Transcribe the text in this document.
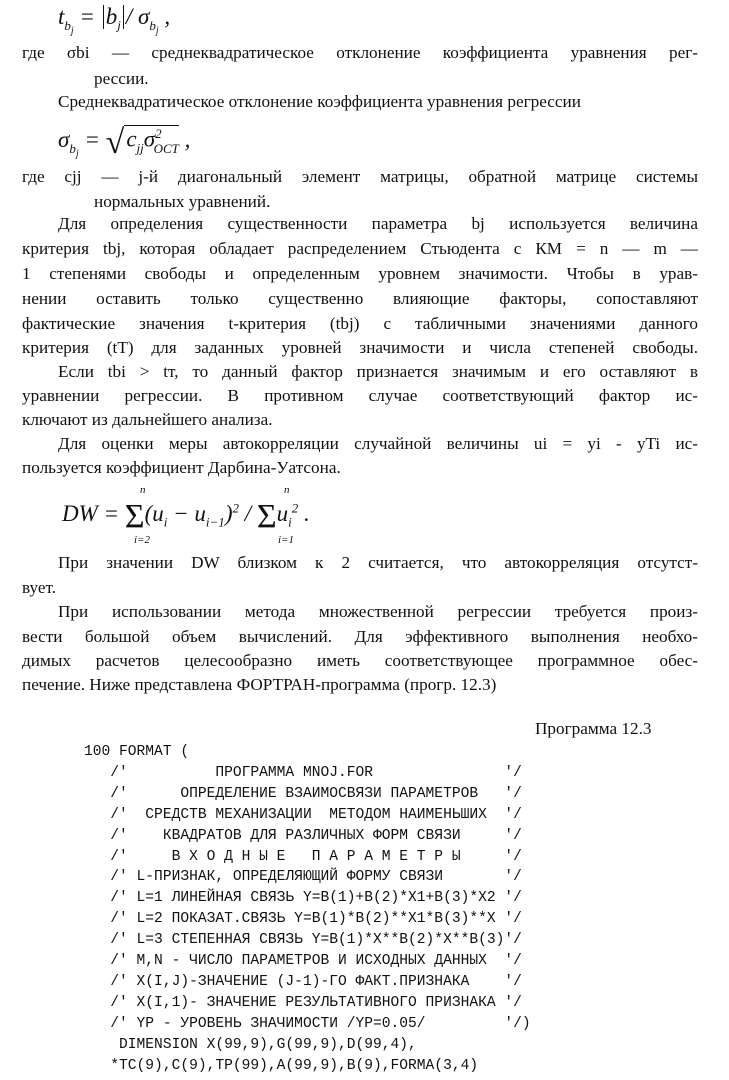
$t_{b_j} = b_j / \sigma_{b_j}$ ,
где σbi — среднеквадратическое отклонение коэффициента уравнения рег-
рессии.
Среднеквадратическое отклонение коэффициента уравнения регрессии
$\sigma_{b_j} = √c_{jj}\sigma^2_{ОСТ}$ ,
где cjj — j-й диагональный элемент матрицы, обратной матрице системы
нормальных уравнений.
Для определения существенности параметра bj используется величина
критерия tbj, которая обладает распределением Стьюдента с КМ = n — m —
1 степенями свободы и определенным уровнем значимости. Чтобы в урав-
нении оставить только существенно влияющие факторы, сопоставляют
фактические значения t-критерия (tbj) с табличными значениями данного
критерия (tT) для заданных уровней значимости и числа степеней свободы.
Если tbi > tт, то данный фактор признается значимым и его оставляют в
уравнении регрессии. В противном случае соответствующий фактор ис-
ключают из дальнейшего анализа.
Для оценки меры автокорреляции случайной величины ui = yi - yTi ис-
пользуется коэффициент Дарбина-Уатсона.
DW = $\Sigma(u_i - u_{i-1})^2 / \Sigma u_i^2$ .
n
i=2
n
i=1
При значении DW близком к 2 считается, что автокорреляция отсутст-
вует.
При использовании метода множественной регрессии требуется произ-
вести большой объем вычислений. Для эффективного выполнения необхо-
димых расчетов целесообразно иметь соответствующее программное обес-
печение. Ниже представлена ФОРТРАН-программа (прогр. 12.3)
Программа 12.3
100 FORMAT (
/'          ПРОГРАММА MNOJ.FOR               '/
/'      ОПРЕДЕЛЕНИЕ ВЗАИМОСВЯЗИ ПАРАМЕТРОВ   '/
/'  СРЕДСТВ МЕХАНИЗАЦИИ  МЕТОДОМ НАИМЕНЬШИХ  '/
/'    КВАДРАТОВ ДЛЯ РАЗЛИЧНЫХ ФОРМ СВЯЗИ     '/
/'     В Х О Д Н Ы Е   П А Р А М Е Т Р Ы     '/
/' L-ПРИЗНАК, ОПРЕДЕЛЯЮЩИЙ ФОРМУ СВЯЗИ       '/
/' L=1 ЛИНЕЙНАЯ СВЯЗЬ Y=B(1)+B(2)*X1+B(3)*X2 '/
/' L=2 ПОКАЗАТ.СВЯЗЬ Y=B(1)*B(2)**X1*B(3)**X '/
/' L=3 СТЕПЕННАЯ СВЯЗЬ Y=B(1)*X**B(2)*X**B(3)'/
/' M,N - ЧИСЛО ПАРАМЕТРОВ И ИСХОДНЫХ ДАННЫХ  '/
/' X(I,J)-ЗНАЧЕНИЕ (J-1)-ГО ФАКТ.ПРИЗНАКА    '/
/' X(I,1)- ЗНАЧЕНИЕ РЕЗУЛЬТАТИВНОГО ПРИЗНАКА '/
/' YP - УРОВЕНЬ ЗНАЧИМОСТИ /YP=0.05/         '/)
DIMENSION X(99,9),G(99,9),D(99,4),
*TC(9),C(9),TP(99),A(99,9),B(9),FORMA(3,4)
